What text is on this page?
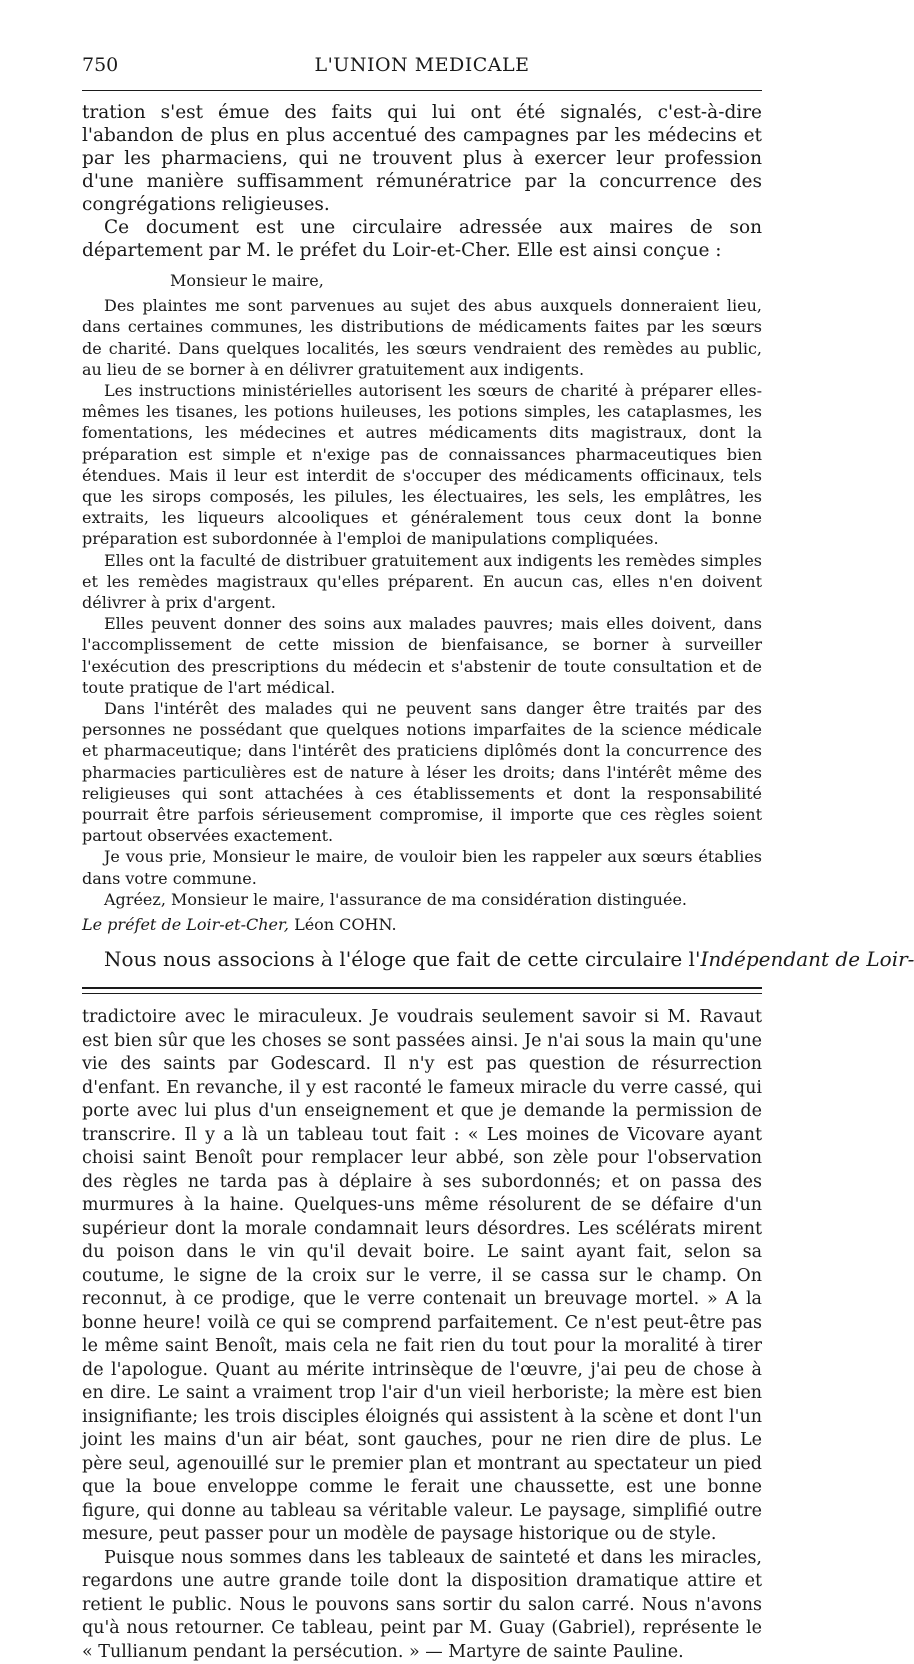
750	L'UNION MEDICALE

tration s'est émue des faits qui lui ont été signalés, c'est-à-dire l'abandon de plus en plus accentué des campagnes par les médecins et par les pharmaciens, qui ne trouvent plus à exercer leur profession d'une manière suffisamment rémunératrice par la concurrence des congrégations religieuses.

Ce document est une circulaire adressée aux maires de son département par M. le préfet du Loir-et-Cher. Elle est ainsi conçue :

Monsieur le maire,

Des plaintes me sont parvenues au sujet des abus auxquels donneraient lieu, dans certaines communes, les distributions de médicaments faites par les sœurs de charité. Dans quelques localités, les sœurs vendraient des remèdes au public, au lieu de se borner à en délivrer gratuitement aux indigents.

Les instructions ministérielles autorisent les sœurs de charité à préparer elles-mêmes les tisanes, les potions huileuses, les potions simples, les cataplasmes, les fomentations, les médecines et autres médicaments dits magistraux, dont la préparation est simple et n'exige pas de connaissances pharmaceutiques bien étendues. Mais il leur est interdit de s'occuper des médicaments officinaux, tels que les sirops composés, les pilules, les électuaires, les sels, les emplâtres, les extraits, les liqueurs alcooliques et généralement tous ceux dont la bonne préparation est subordonnée à l'emploi de manipulations compliquées.

Elles ont la faculté de distribuer gratuitement aux indigents les remèdes simples et les remèdes magistraux qu'elles préparent. En aucun cas, elles n'en doivent délivrer à prix d'argent.

Elles peuvent donner des soins aux malades pauvres; mais elles doivent, dans l'accomplissement de cette mission de bienfaisance, se borner à surveiller l'exécution des prescriptions du médecin et s'abstenir de toute consultation et de toute pratique de l'art médical.

Dans l'intérêt des malades qui ne peuvent sans danger être traités par des personnes ne possédant que quelques notions imparfaites de la science médicale et pharmaceutique; dans l'intérêt des praticiens diplômés dont la concurrence des pharmacies particulières est de nature à léser les droits; dans l'intérêt même des religieuses qui sont attachées à ces établissements et dont la responsabilité pourrait être parfois sérieusement compromise, il importe que ces règles soient partout observées exactement.

Je vous prie, Monsieur le maire, de vouloir bien les rappeler aux sœurs établies dans votre commune.

Agréez, Monsieur le maire, l'assurance de ma considération distinguée.

Le préfet de Loir-et-Cher, Léon COHN.

Nous nous associons à l'éloge que fait de cette circulaire l'Indépendant de Loir-

tradictoire avec le miraculeux. Je voudrais seulement savoir si M. Ravaut est bien sûr que les choses se sont passées ainsi. Je n'ai sous la main qu'une vie des saints par Godescard. Il n'y est pas question de résurrection d'enfant. En revanche, il y est raconté le fameux miracle du verre cassé, qui porte avec lui plus d'un enseignement et que je demande la permission de transcrire. Il y a là un tableau tout fait : « Les moines de Vicovare ayant choisi saint Benoît pour remplacer leur abbé, son zèle pour l'observation des règles ne tarda pas à déplaire à ses subordonnés; et on passa des murmures à la haine. Quelques-uns même résolurent de se défaire d'un supérieur dont la morale condamnait leurs désordres. Les scélérats mirent du poison dans le vin qu'il devait boire. Le saint ayant fait, selon sa coutume, le signe de la croix sur le verre, il se cassa sur le champ. On reconnut, à ce prodige, que le verre contenait un breuvage mortel. » A la bonne heure! voilà ce qui se comprend parfaitement. Ce n'est peut-être pas le même saint Benoît, mais cela ne fait rien du tout pour la moralité à tirer de l'apologue. Quant au mérite intrinsèque de l'œuvre, j'ai peu de chose à en dire. Le saint a vraiment trop l'air d'un vieil herboriste; la mère est bien insignifiante; les trois disciples éloignés qui assistent à la scène et dont l'un joint les mains d'un air béat, sont gauches, pour ne rien dire de plus. Le père seul, agenouillé sur le premier plan et montrant au spectateur un pied que la boue enveloppe comme le ferait une chaussette, est une bonne figure, qui donne au tableau sa véritable valeur. Le paysage, simplifié outre mesure, peut passer pour un modèle de paysage historique ou de style.

Puisque nous sommes dans les tableaux de sainteté et dans les miracles, regardons une autre grande toile dont la disposition dramatique attire et retient le public. Nous le pouvons sans sortir du salon carré. Nous n'avons qu'à nous retourner. Ce tableau, peint par M. Guay (Gabriel), représente le « Tullianum pendant la persécution. » — Martyre de sainte Pauline.
